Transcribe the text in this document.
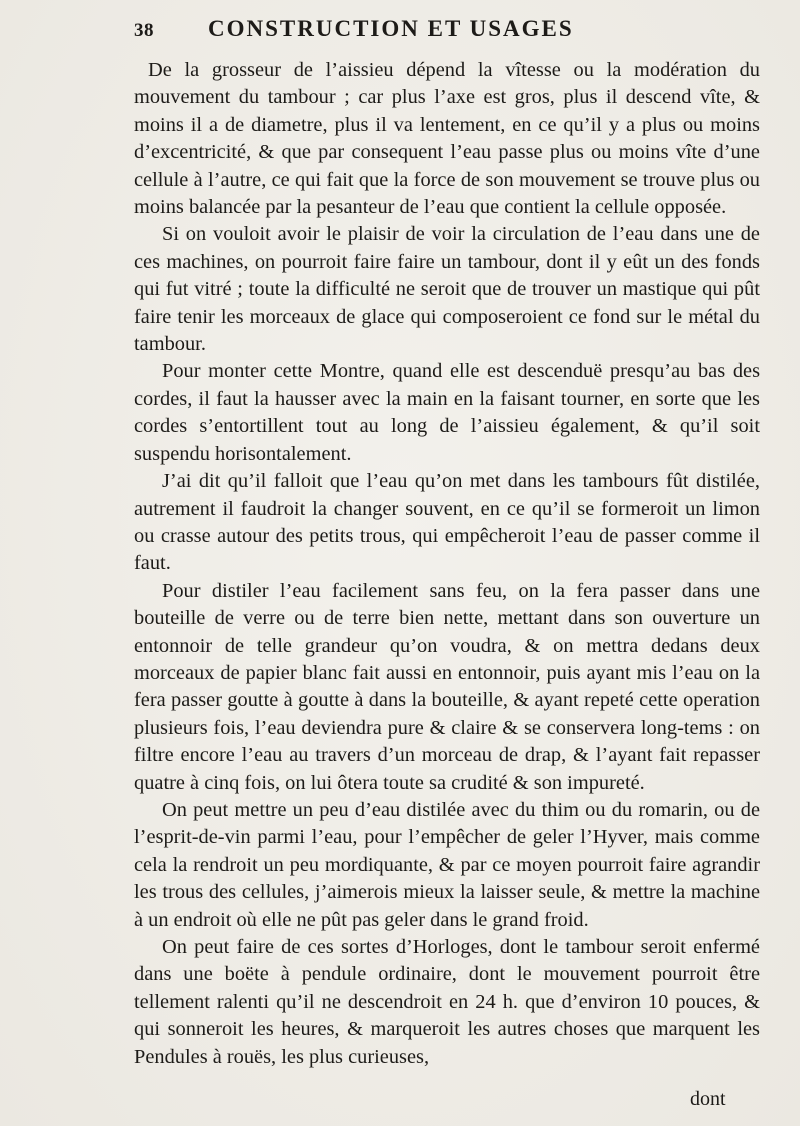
38	CONSTRUCTION ET USAGES

De la grosseur de l’aissieu dépend la vîtesse ou la modération du mouvement du tambour ; car plus l’axe est gros, plus il descend vîte, & moins il a de diametre, plus il va lentement, en ce qu’il y a plus ou moins d’excentricité, & que par consequent l’eau passe plus ou moins vîte d’une cellule à l’autre, ce qui fait que la force de son mouvement se trouve plus ou moins balancée par la pesanteur de l’eau que contient la cellule opposée.

Si on vouloit avoir le plaisir de voir la circulation de l’eau dans une de ces machines, on pourroit faire faire un tambour, dont il y eût un des fonds qui fut vitré ; toute la difficulté ne seroit que de trouver un mastique qui pût faire tenir les morceaux de glace qui composeroient ce fond sur le métal du tambour.

Pour monter cette Montre, quand elle est descenduë presqu’au bas des cordes, il faut la hausser avec la main en la faisant tourner, en sorte que les cordes s’entortillent tout au long de l’aissieu également, & qu’il soit suspendu horisontalement.

J’ai dit qu’il falloit que l’eau qu’on met dans les tambours fût distilée, autrement il faudroit la changer souvent, en ce qu’il se formeroit un limon ou crasse autour des petits trous, qui empêcheroit l’eau de passer comme il faut.

Pour distiler l’eau facilement sans feu, on la fera passer dans une bouteille de verre ou de terre bien nette, mettant dans son ouverture un entonnoir de telle grandeur qu’on voudra, & on mettra dedans deux morceaux de papier blanc fait aussi en entonnoir, puis ayant mis l’eau on la fera passer goutte à goutte à dans la bouteille, & ayant repeté cette operation plusieurs fois, l’eau deviendra pure & claire & se conservera long-tems : on filtre encore l’eau au travers d’un morceau de drap, & l’ayant fait repasser quatre à cinq fois, on lui ôtera toute sa crudité & son impureté.

On peut mettre un peu d’eau distilée avec du thim ou du romarin, ou de l’esprit-de-vin parmi l’eau, pour l’empêcher de geler l’Hyver, mais comme cela la rendroit un peu mordiquante, & par ce moyen pourroit faire agrandir les trous des cellules, j’aimerois mieux la laisser seule, & mettre la machine à un endroit où elle ne pût pas geler dans le grand froid.

On peut faire de ces sortes d’Horloges, dont le tambour seroit enfermé dans une boëte à pendule ordinaire, dont le mouvement pourroit être tellement ralenti qu’il ne descendroit en 24 h. que d’environ 10 pouces, & qui sonneroit les heures, & marqueroit les autres choses que marquent les Pendules à rouës, les plus curieuses,

dont
